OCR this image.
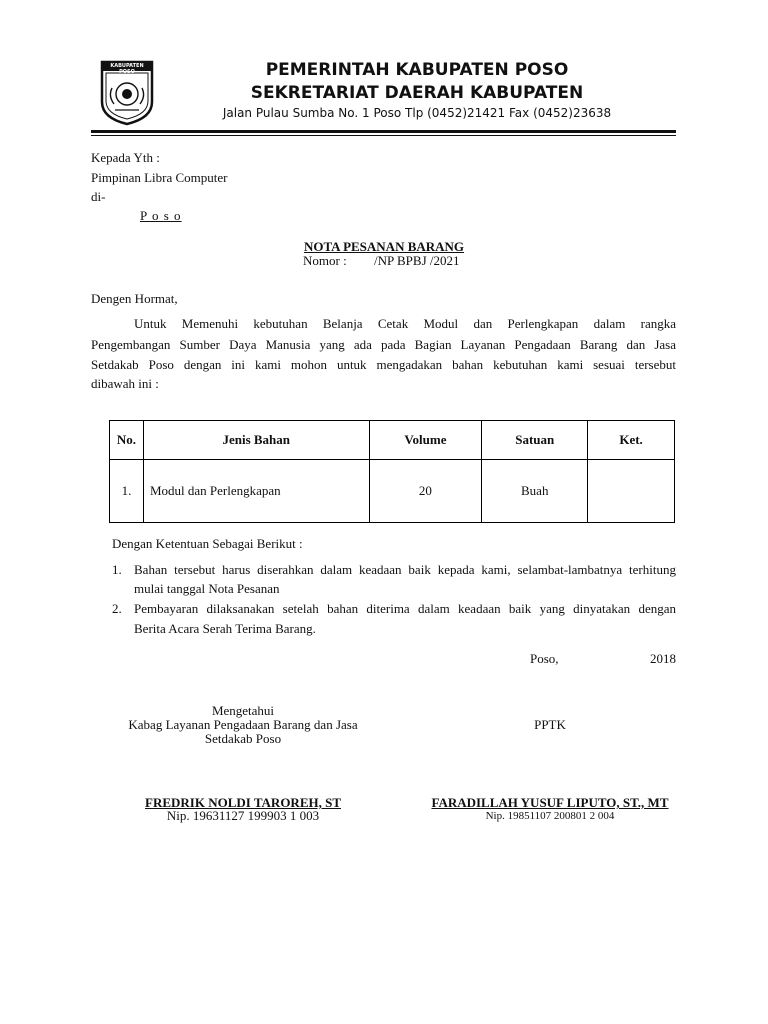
KABUPATEN POSO	PEMERINTAH KABUPATEN POSO
SEKRETARIAT DAERAH KABUPATEN
Jalan Pulau Sumba No. 1 Poso Tlp (0452)21421 Fax (0452)23638
Kepada Yth :
Pimpinan Libra Computer
di-
P o s o
NOTA PESANAN BARANG
Nomor : /NP BPBJ /2021
Dengen Hormat,
Untuk Memenuhi kebutuhan Belanja Cetak Modul dan Perlengkapan dalam rangka
Pengembangan Sumber Daya Manusia yang ada pada Bagian Layanan Pengadaan Barang dan Jasa
Setdakab Poso dengan ini kami mohon untuk mengadakan bahan kebutuhan kami sesuai tersebut
dibawah ini :
No.	Jenis Bahan	Volume	Satuan	Ket.
1.	Modul dan Perlengkapan	20	Buah	
Dengan Ketentuan Sebagai Berikut :
1. Bahan tersebut harus diserahkan dalam keadaan baik kepada kami, selambat-lambatnya terhitung
mulai tanggal Nota Pesanan
2. Pembayaran dilaksanakan setelah bahan diterima dalam keadaan baik yang dinyatakan dengan
Berita Acara Serah Terima Barang.
Poso,	2018
Mengetahui
Kabag Layanan Pengadaan Barang dan Jasa
Setdakab Poso
PPTK
FREDRIK NOLDI TAROREH, ST
Nip. 19631127 199903 1 003
FARADILLAH YUSUF LIPUTO, ST., MT
Nip. 19851107 200801 2 004
